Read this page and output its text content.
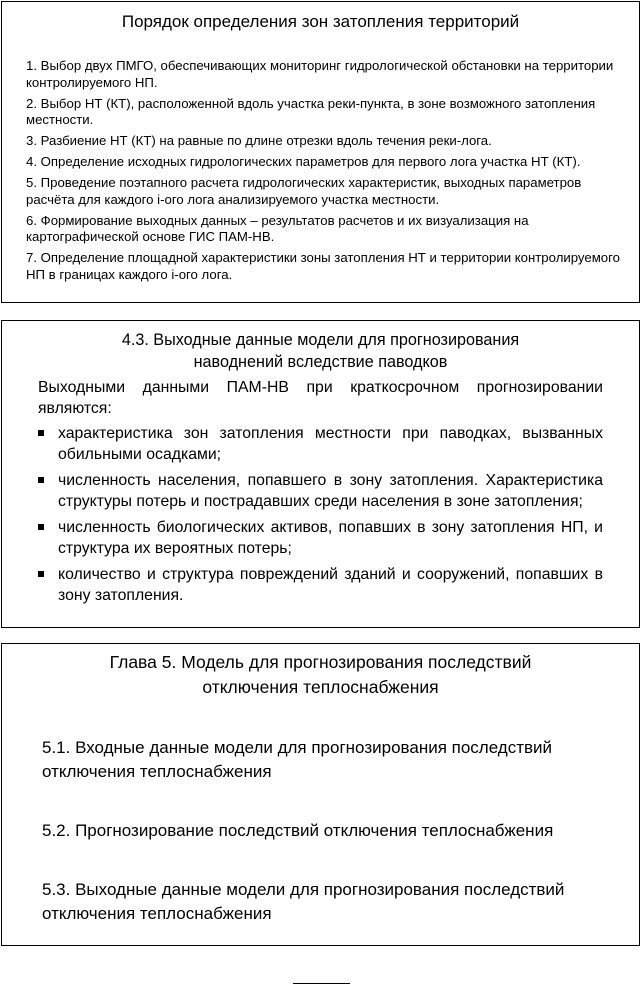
Порядок определения зон затопления территорий
1. Выбор двух ПМГО, обеспечивающих мониторинг гидрологической обстановки на территории контролируемого НП.
2. Выбор НТ (КТ), расположенной вдоль участка реки-пункта, в зоне возможного затопления местности.
3. Разбиение НТ (КТ) на равные по длине отрезки вдоль течения реки-лога.
4. Определение исходных гидрологических параметров для первого лога участка НТ (КТ).
5. Проведение поэтапного расчета гидрологических характеристик, выходных параметров расчёта для каждого i-ого лога анализируемого участка местности.
6. Формирование выходных данных – результатов расчетов и их визуализация на картографической основе ГИС ПАМ-НВ.
7. Определение площадной характеристики зоны затопления НТ и территории контролируемого НП в границах каждого i-ого лога.
4.3. Выходные данные модели для прогнозирования
наводнений вследствие паводков
Выходными данными ПАМ-НВ при краткосрочном прогнозировании являются:
характеристика зон затопления местности при паводках, вызванных обильными осадками;
численность населения, попавшего в зону затопления. Характеристика структуры потерь и пострадавших среди населения в зоне затопления;
численность биологических активов, попавших в зону затопления НП, и структура их вероятных потерь;
количество и структура повреждений зданий и сооружений, попавших в зону затопления.
Глава 5. Модель для прогнозирования последствий
отключения теплоснабжения
5.1. Входные данные модели для прогнозирования последствий отключения теплоснабжения
5.2. Прогнозирование последствий отключения теплоснабжения
5.3. Выходные данные модели для прогнозирования последствий отключения теплоснабжения
